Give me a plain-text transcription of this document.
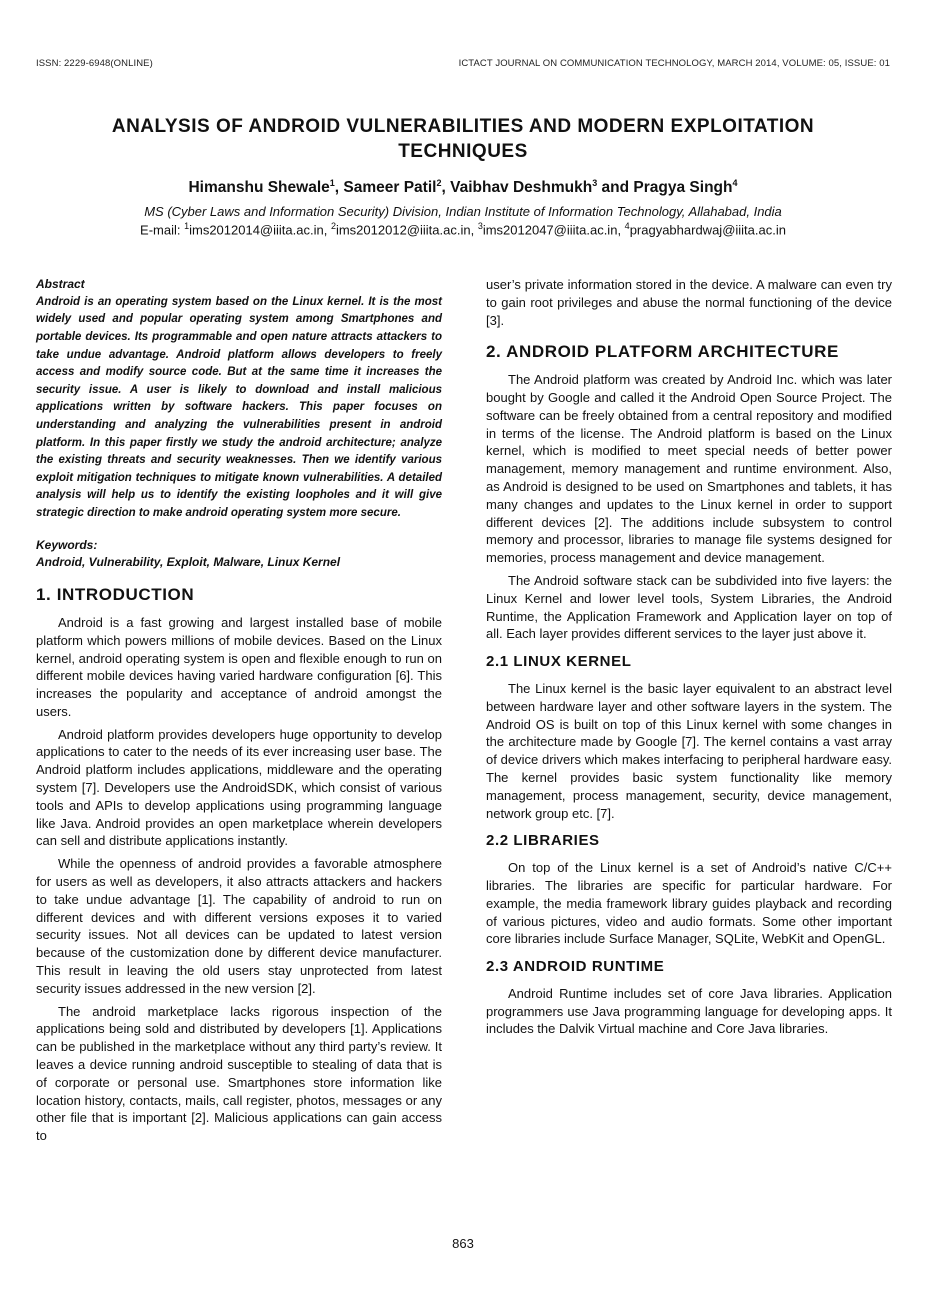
ISSN: 2229-6948(ONLINE)	ICTACT JOURNAL ON COMMUNICATION TECHNOLOGY, MARCH 2014, VOLUME: 05, ISSUE: 01
ANALYSIS OF ANDROID VULNERABILITIES AND MODERN EXPLOITATION TECHNIQUES
Himanshu Shewale$^1$, Sameer Patil$^2$, Vaibhav Deshmukh$^3$ and Pragya Singh$^4$
MS (Cyber Laws and Information Security) Division, Indian Institute of Information Technology, Allahabad, India
E-mail: $^1$ims2012014@iiita.ac.in, $^2$ims2012012@iiita.ac.in, $^3$ims2012047@iiita.ac.in, $^4$pragyabhardwaj@iiita.ac.in

Abstract

Android is an operating system based on the Linux kernel. It is the most widely used and popular operating system among Smartphones and portable devices. Its programmable and open nature attracts attackers to take undue advantage. Android platform allows developers to freely access and modify source code. But at the same time it increases the security issue. A user is likely to download and install malicious applications written by software hackers. This paper focuses on understanding and analyzing the vulnerabilities present in android platform. In this paper firstly we study the android architecture; analyze the existing threats and security weaknesses. Then we identify various exploit mitigation techniques to mitigate known vulnerabilities. A detailed analysis will help us to identify the existing loopholes and it will give strategic direction to make android operating system more secure.

Keywords:

Android, Vulnerability, Exploit, Malware, Linux Kernel

1. INTRODUCTION

Android is a fast growing and largest installed base of mobile platform which powers millions of mobile devices. Based on the Linux kernel, android operating system is open and flexible enough to run on different mobile devices having varied hardware configuration [6]. This increases the popularity and acceptance of android amongst the users.

Android platform provides developers huge opportunity to develop applications to cater to the needs of its ever increasing user base. The Android platform includes applications, middleware and the operating system [7]. Developers use the AndroidSDK, which consist of various tools and APIs to develop applications using programming language like Java. Android provides an open marketplace wherein developers can sell and distribute applications instantly.

While the openness of android provides a favorable atmosphere for users as well as developers, it also attracts attackers and hackers to take undue advantage [1]. The capability of android to run on different devices and with different versions exposes it to varied security issues. Not all devices can be updated to latest version because of the customization done by different device manufacturer. This result in leaving the old users stay unprotected from latest security issues addressed in the new version [2].

The android marketplace lacks rigorous inspection of the applications being sold and distributed by developers [1]. Applications can be published in the marketplace without any third party’s review. It leaves a device running android susceptible to stealing of data that is of corporate or personal use. Smartphones store information like location history, contacts, mails, call register, photos, messages or any other file that is important [2]. Malicious applications can gain access to

user’s private information stored in the device. A malware can even try to gain root privileges and abuse the normal functioning of the device [3].

2. ANDROID PLATFORM ARCHITECTURE

The Android platform was created by Android Inc. which was later bought by Google and called it the Android Open Source Project. The software can be freely obtained from a central repository and modified in terms of the license. The Android platform is based on the Linux kernel, which is modified to meet special needs of better power management, memory management and runtime environment. Also, as Android is designed to be used on Smartphones and tablets, it has many changes and updates to the Linux kernel in order to support different devices [2]. The additions include subsystem to control memory and processor, libraries to manage file systems designed for memories, process management and device management.

The Android software stack can be subdivided into five layers: the Linux Kernel and lower level tools, System Libraries, the Android Runtime, the Application Framework and Application layer on top of all. Each layer provides different services to the layer just above it.

2.1 LINUX KERNEL

The Linux kernel is the basic layer equivalent to an abstract level between hardware layer and other software layers in the system. The Android OS is built on top of this Linux kernel with some changes in the architecture made by Google [7]. The kernel contains a vast array of device drivers which makes interfacing to peripheral hardware easy. The kernel provides basic system functionality like memory management, process management, security, device management, network group etc. [7].

2.2 LIBRARIES

On top of the Linux kernel is a set of Android’s native C/C++ libraries. The libraries are specific for particular hardware. For example, the media framework library guides playback and recording of various pictures, video and audio formats. Some other important core libraries include Surface Manager, SQLite, WebKit and OpenGL.

2.3 ANDROID RUNTIME

Android Runtime includes set of core Java libraries. Application programmers use Java programming language for developing apps. It includes the Dalvik Virtual machine and Core Java libraries.

863
